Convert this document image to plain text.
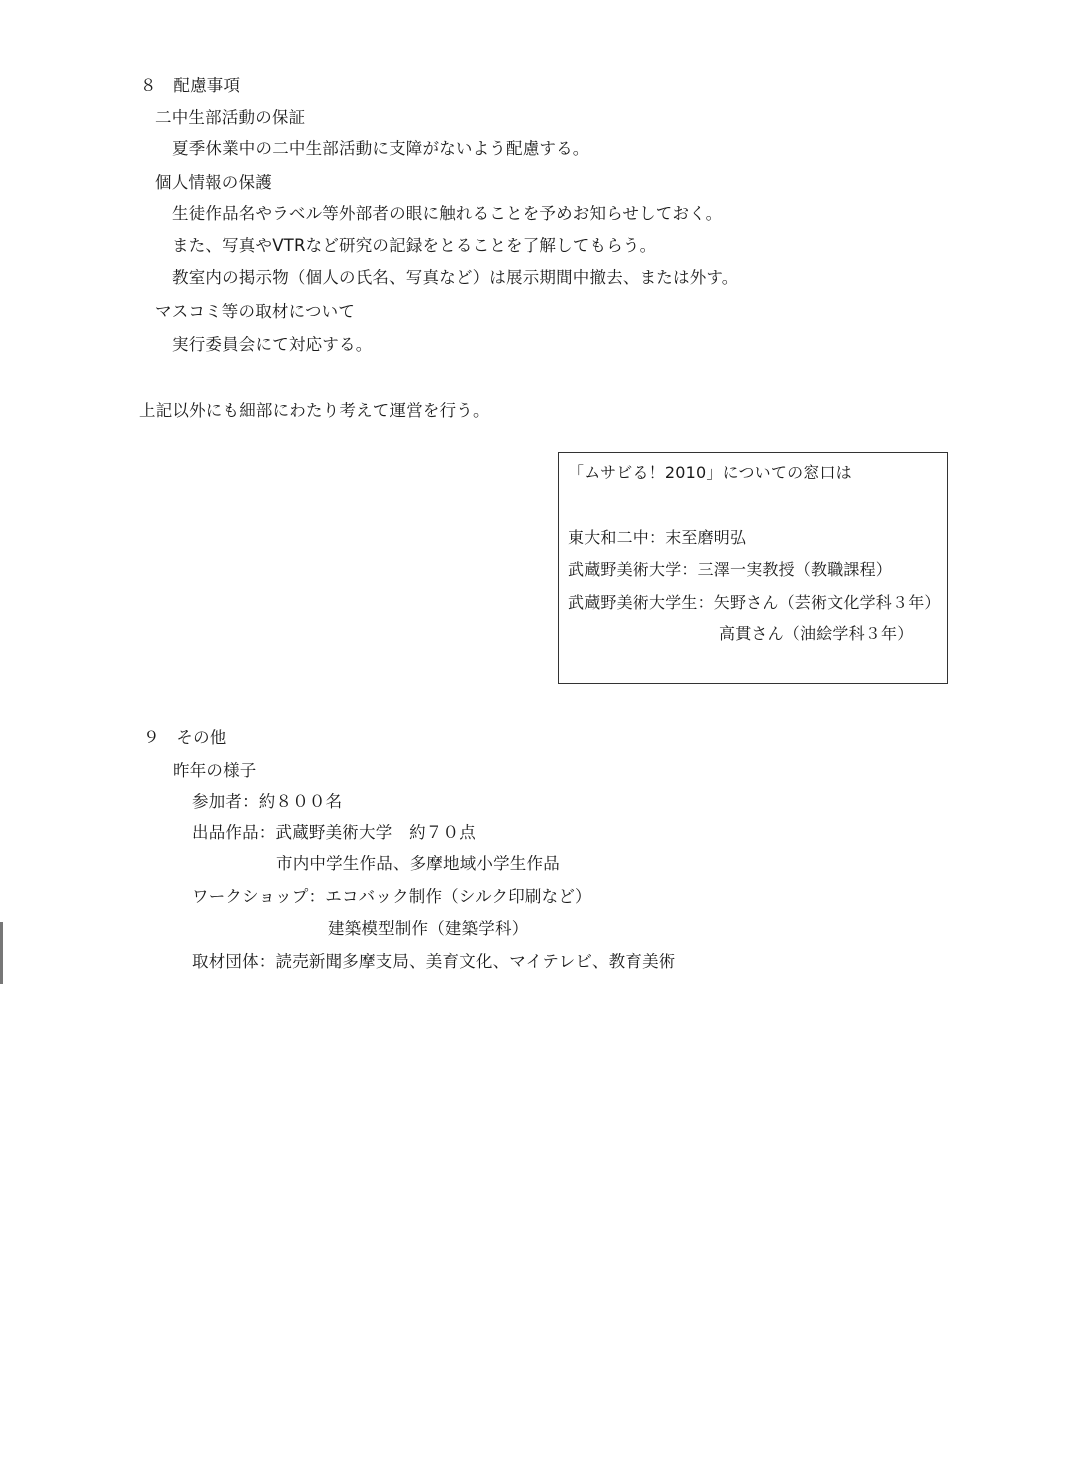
８　配慮事項
二中生部活動の保証
夏季休業中の二中生部活動に支障がないよう配慮する。
個人情報の保護
生徒作品名やラベル等外部者の眼に触れることを予めお知らせしておく。
また、写真やVTRなど研究の記録をとることを了解してもらう。
教室内の掲示物（個人の氏名、写真など）は展示期間中撤去、または外す。
マスコミ等の取材について
実行委員会にて対応する。
上記以外にも細部にわたり考えて運営を行う。
「ムサビる！2010」についての窓口は
東大和二中：末至磨明弘
武蔵野美術大学：三澤一実教授（教職課程）
武蔵野美術大学生：矢野さん（芸術文化学科３年）
高貫さん（油絵学科３年）
９　その他
昨年の様子
参加者：約８００名
出品作品：武蔵野美術大学　約７０点
市内中学生作品、多摩地域小学生作品
ワークショップ：エコバック制作（シルク印刷など）
建築模型制作（建築学科）
取材団体：読売新聞多摩支局、美育文化、マイテレビ、教育美術
